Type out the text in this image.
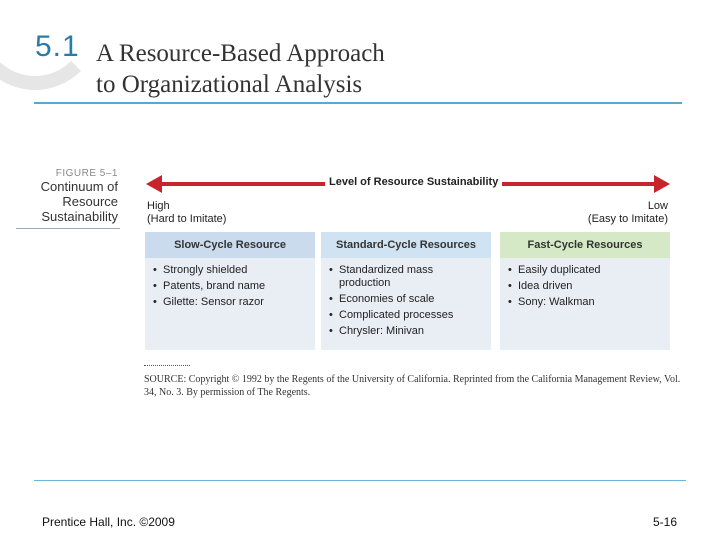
5.1 A Resource-Based Approach
to Organizational Analysis
FIGURE 5–1
Continuum of
Resource
Sustainability
Level of Resource Sustainability
High
(Hard to Imitate)
Low
(Easy to Imitate)
Slow-Cycle Resource
• Strongly shielded
• Patents, brand name
• Gilette: Sensor razor
Standard-Cycle Resources
• Standardized mass production
• Economies of scale
• Complicated processes
• Chrysler: Minivan
Fast-Cycle Resources
• Easily duplicated
• Idea driven
• Sony: Walkman
SOURCE: Copyright © 1992 by the Regents of the University of California. Reprinted from the California Management Review, Vol. 34, No. 3. By permission of The Regents.
Prentice Hall, Inc. ©2009	5-16
